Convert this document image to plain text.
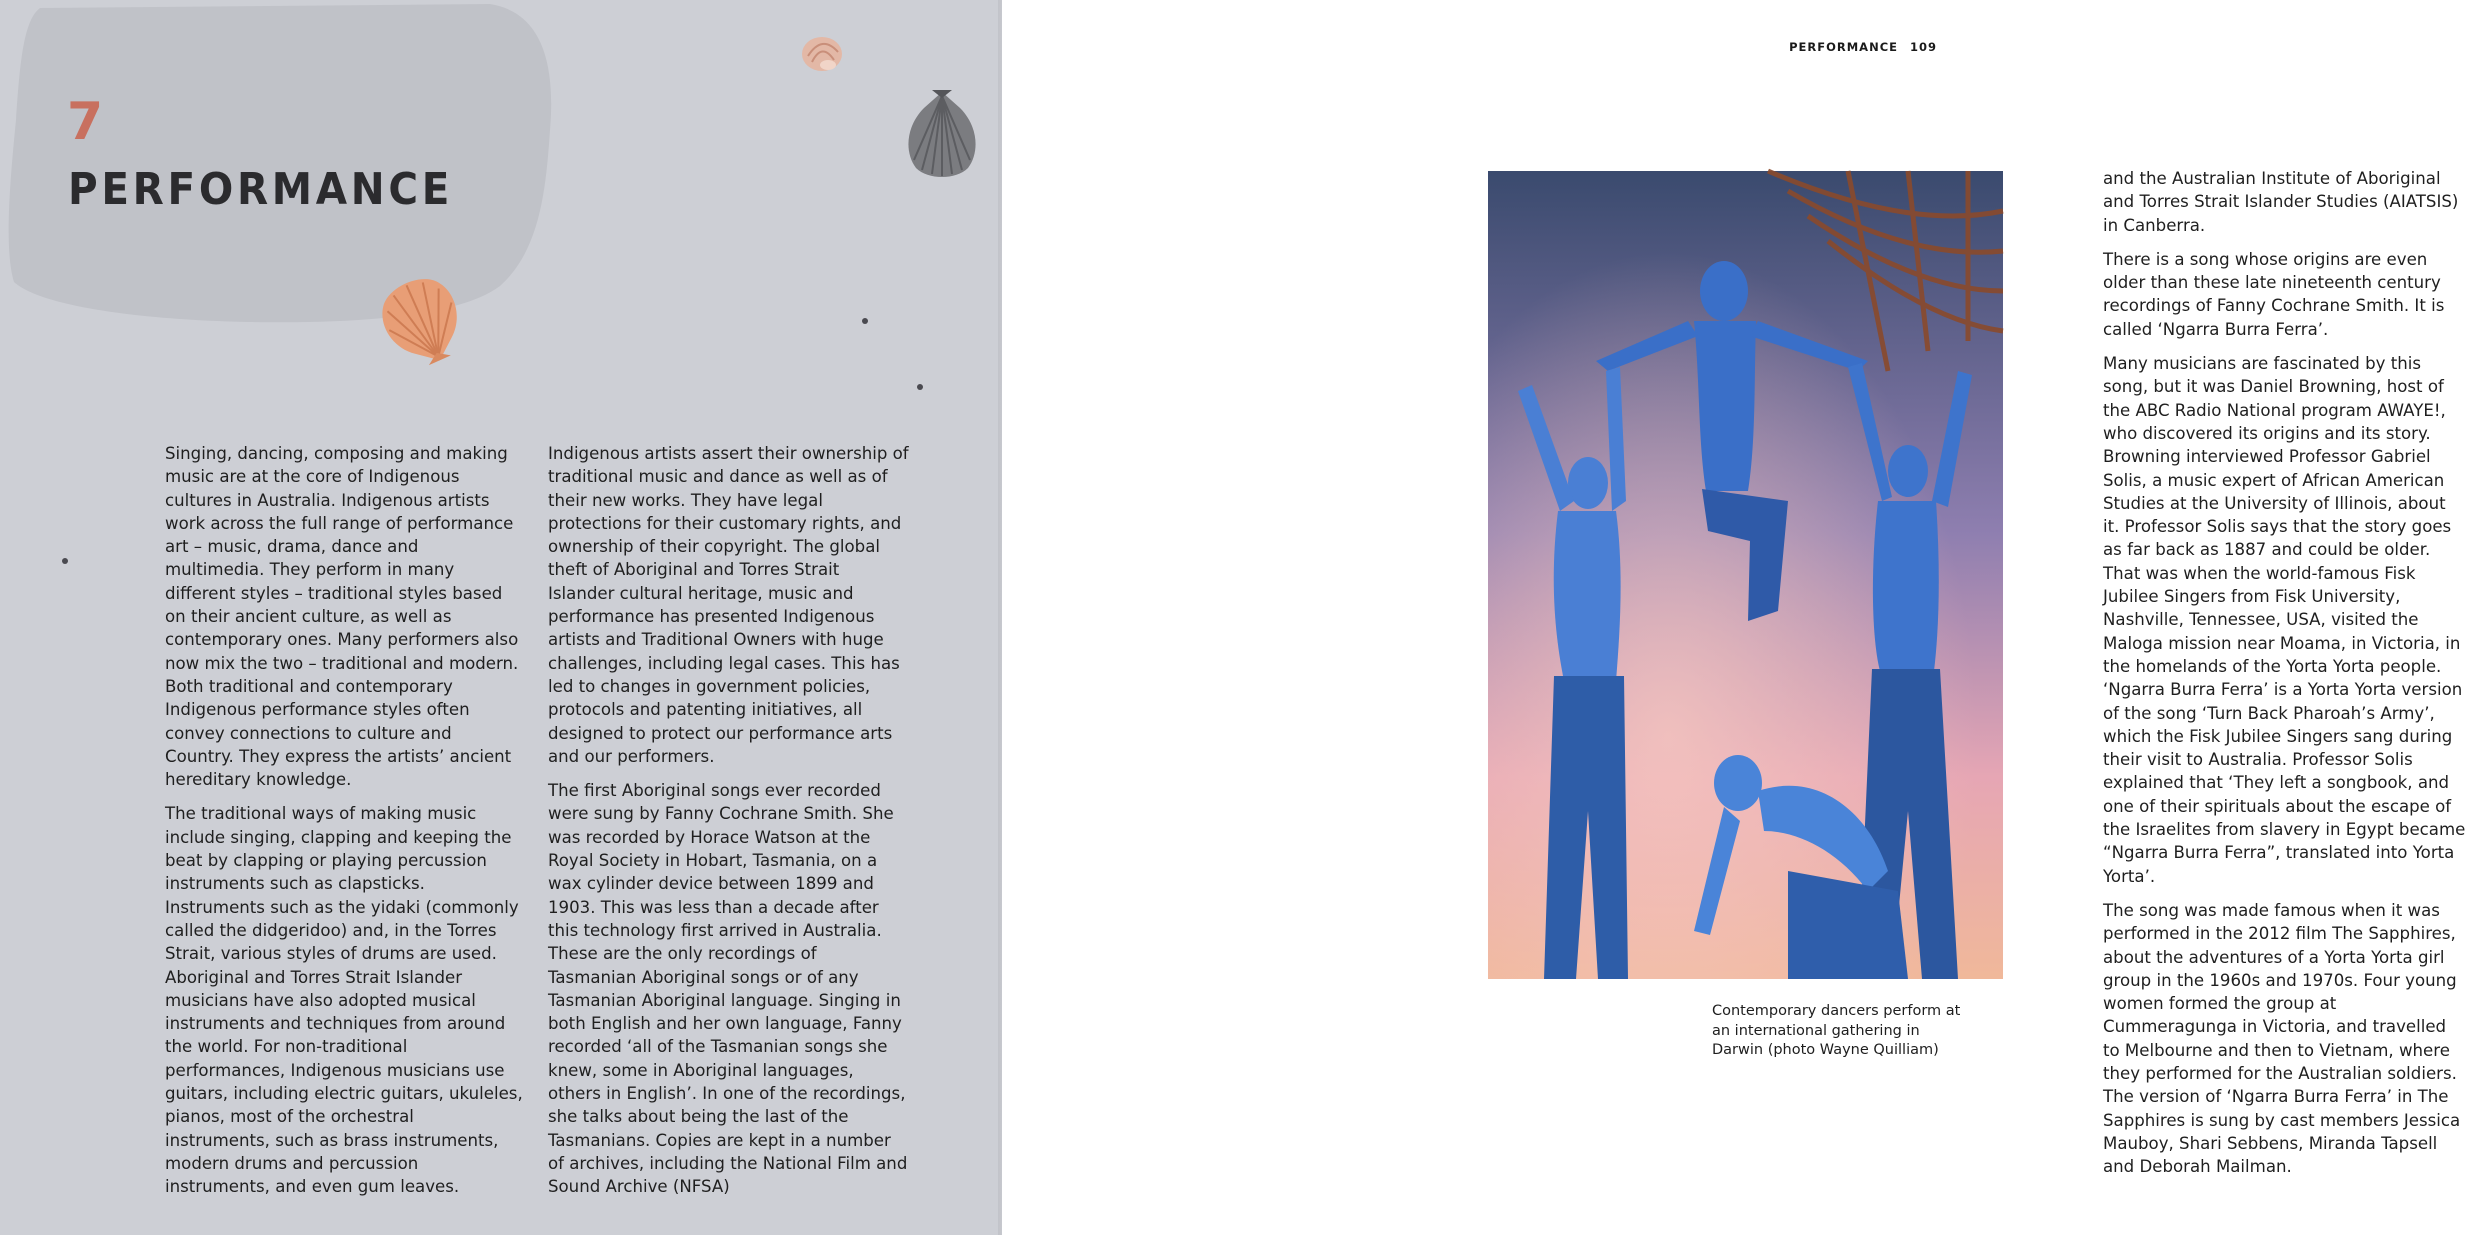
7
PERFORMANCE

Singing, dancing, composing and making music are at the core of Indigenous cultures in Australia. Indigenous artists work across the full range of performance art – music, drama, dance and multimedia. They perform in many different styles – traditional styles based on their ancient culture, as well as contemporary ones. Many performers also now mix the two – traditional and modern. Both traditional and contemporary Indigenous performance styles often convey connections to culture and Country. They express the artists’ ancient hereditary knowledge.

The traditional ways of making music include singing, clapping and keeping the beat by clapping or playing percussion instruments such as clapsticks. Instruments such as the yidaki (commonly called the didgeridoo) and, in the Torres Strait, various styles of drums are used. Aboriginal and Torres Strait Islander musicians have also adopted musical instruments and techniques from around the world. For non-traditional performances, Indigenous musicians use guitars, including electric guitars, ukuleles, pianos, most of the orchestral instruments, such as brass instruments, modern drums and percussion instruments, and even gum leaves.

Indigenous artists assert their ownership of traditional music and dance as well as of their new works. They have legal protections for their customary rights, and ownership of their copyright. The global theft of Aboriginal and Torres Strait Islander cultural heritage, music and performance has presented Indigenous artists and Traditional Owners with huge challenges, including legal cases. This has led to changes in government policies, protocols and patenting initiatives, all designed to protect our performance arts and our performers.

The first Aboriginal songs ever recorded were sung by Fanny Cochrane Smith. She was recorded by Horace Watson at the Royal Society in Hobart, Tasmania, on a wax cylinder device between 1899 and 1903. This was less than a decade after this technology first arrived in Australia. These are the only recordings of Tasmanian Aboriginal songs or of any Tasmanian Aboriginal language. Singing in both English and her own language, Fanny recorded ‘all of the Tasmanian songs she knew, some in Aboriginal languages, others in English’. In one of the recordings, she talks about being the last of the Tasmanians. Copies are kept in a number of archives, including the National Film and Sound Archive (NFSA)

PERFORMANCE 109

and the Australian Institute of Aboriginal and Torres Strait Islander Studies (AIATSIS) in Canberra.

There is a song whose origins are even older than these late nineteenth century recordings of Fanny Cochrane Smith. It is called ‘Ngarra Burra Ferra’.

Many musicians are fascinated by this song, but it was Daniel Browning, host of the ABC Radio National program AWAYE!, who discovered its origins and its story. Browning interviewed Professor Gabriel Solis, a music expert of African American Studies at the University of Illinois, about it. Professor Solis says that the story goes as far back as 1887 and could be older. That was when the world-famous Fisk Jubilee Singers from Fisk University, Nashville, Tennessee, USA, visited the Maloga mission near Moama, in Victoria, in the homelands of the Yorta Yorta people. ‘Ngarra Burra Ferra’ is a Yorta Yorta version of the song ‘Turn Back Pharoah’s Army’, which the Fisk Jubilee Singers sang during their visit to Australia. Professor Solis explained that ‘They left a songbook, and one of their spirituals about the escape of the Israelites from slavery in Egypt became “Ngarra Burra Ferra”, translated into Yorta Yorta’.

The song was made famous when it was performed in the 2012 film The Sapphires, about the adventures of a Yorta Yorta girl group in the 1960s and 1970s. Four young women formed the group at Cummeragunga in Victoria, and travelled to Melbourne and then to Vietnam, where they performed for the Australian soldiers. The version of ‘Ngarra Burra Ferra’ in The Sapphires is sung by cast members Jessica Mauboy, Shari Sebbens, Miranda Tapsell and Deborah Mailman.

Contemporary dancers perform at an international gathering in Darwin (photo Wayne Quilliam)
